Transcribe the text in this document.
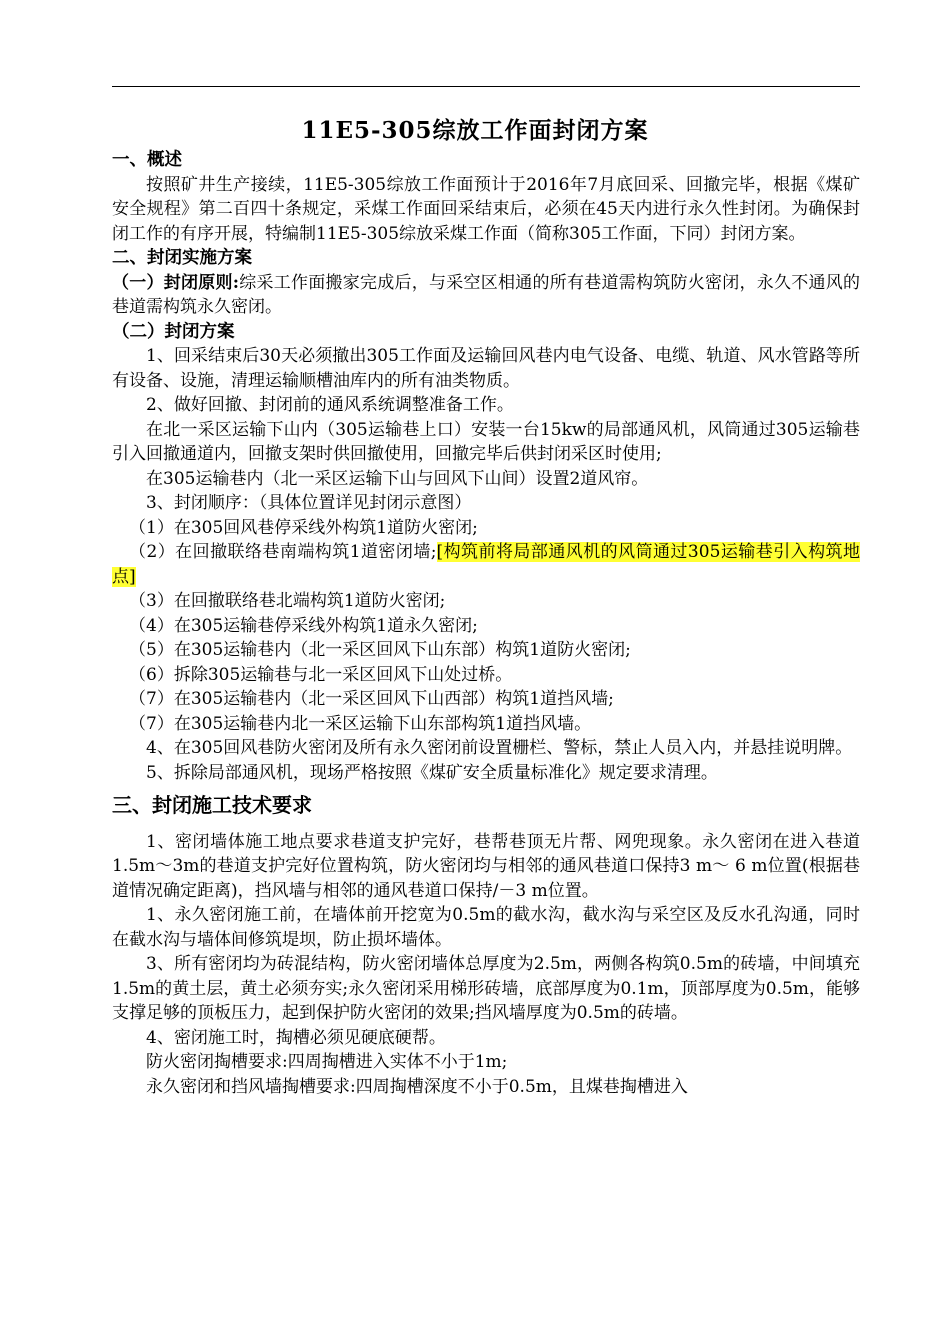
11E5-305综放工作面封闭方案

一、概述

按照矿井生产接续，11E5-305综放工作面预计于2016年7月底回采、回撤完毕，根据《煤矿安全规程》第二百四十条规定，采煤工作面回采结束后，必须在45天内进行永久性封闭。为确保封闭工作的有序开展，特编制11E5-305综放采煤工作面（简称305工作面，下同）封闭方案。

二、封闭实施方案

（一）封闭原则:综采工作面搬家完成后，与采空区相通的所有巷道需构筑防火密闭，永久不通风的巷道需构筑永久密闭。

（二）封闭方案

1、回采结束后30天必须撤出305工作面及运输回风巷内电气设备、电缆、轨道、风水管路等所有设备、设施，清理运输顺槽油库内的所有油类物质。

2、做好回撤、封闭前的通风系统调整准备工作。

在北一采区运输下山内（305运输巷上口）安装一台15kw的局部通风机，风筒通过305运输巷引入回撤通道内，回撤支架时供回撤使用，回撤完毕后供封闭采区时使用;

在305运输巷内（北一采区运输下山与回风下山间）设置2道风帘。

3、封闭顺序：（具体位置详见封闭示意图）

（1）在305回风巷停采线外构筑1道防火密闭;

（2）在回撤联络巷南端构筑1道密闭墙;[构筑前将局部通风机的风筒通过305运输巷引入构筑地点]

（3）在回撤联络巷北端构筑1道防火密闭;

（4）在305运输巷停采线外构筑1道永久密闭;

（5）在305运输巷内（北一采区回风下山东部）构筑1道防火密闭;

（6）拆除305运输巷与北一采区回风下山处过桥。

（7）在305运输巷内（北一采区回风下山西部）构筑1道挡风墙;

（7）在305运输巷内北一采区运输下山东部构筑1道挡风墙。

4、在305回风巷防火密闭及所有永久密闭前设置栅栏、警标，禁止人员入内，并悬挂说明牌。

5、拆除局部通风机，现场严格按照《煤矿安全质量标准化》规定要求清理。

三、封闭施工技术要求

1、密闭墙体施工地点要求巷道支护完好，巷帮巷顶无片帮、网兜现象。永久密闭在进入巷道1.5m～3m的巷道支护完好位置构筑，防火密闭均与相邻的通风巷道口保持3 m～ 6 m位置(根据巷道情况确定距离)，挡风墙与相邻的通风巷道口保持/－3 m位置。

1、永久密闭施工前，在墙体前开挖宽为0.5m的截水沟，截水沟与采空区及反水孔沟通，同时在截水沟与墙体间修筑堤坝，防止损坏墙体。

3、所有密闭均为砖混结构，防火密闭墙体总厚度为2.5m，两侧各构筑0.5m的砖墙，中间填充1.5m的黄土层，黄土必须夯实;永久密闭采用梯形砖墙，底部厚度为0.1m，顶部厚度为0.5m，能够支撑足够的顶板压力，起到保护防火密闭的效果;挡风墙厚度为0.5m的砖墙。

4、密闭施工时，掏槽必须见硬底硬帮。

防火密闭掏槽要求:四周掏槽进入实体不小于1m;

永久密闭和挡风墙掏槽要求:四周掏槽深度不小于0.5m，且煤巷掏槽进入
